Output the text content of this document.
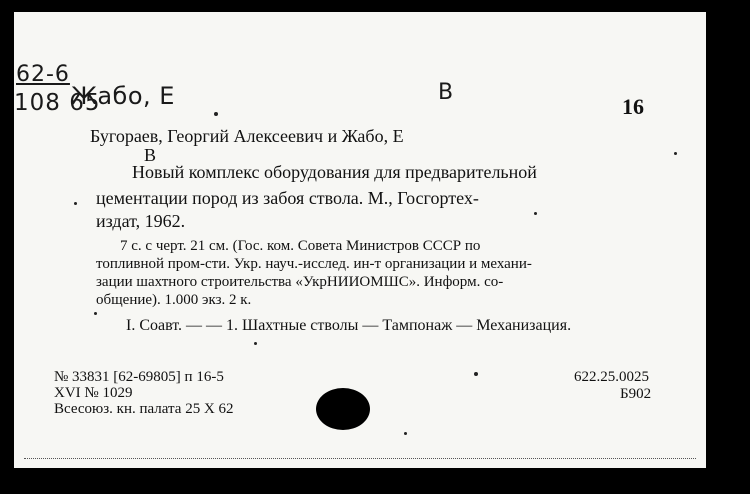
62-6
108 65
Жабо, Е	В
16
Бугораев, Георгий Алексеевич и Жабо, Е
В
Новый комплекс оборудования для предварительной
цементации пород из забоя ствола. М., Госгортех-
издат, 1962.
7 с. с черт. 21 см. (Гос. ком. Совета Министров СССР по
топливной пром-сти. Укр. науч.-исслед. ин-т организации и механи-
зации шахтного строительства «УкрНИИОМШС». Информ. со-
общение). 1.000 экз. 2 к.
I. Соавт. — — 1. Шахтные стволы — Тампонаж — Механизация.
№ 33831 [62-69805] п 16-5
XVI № 1029
Всесоюз. кн. палата 25 X 62
622.25.0025
Б902
